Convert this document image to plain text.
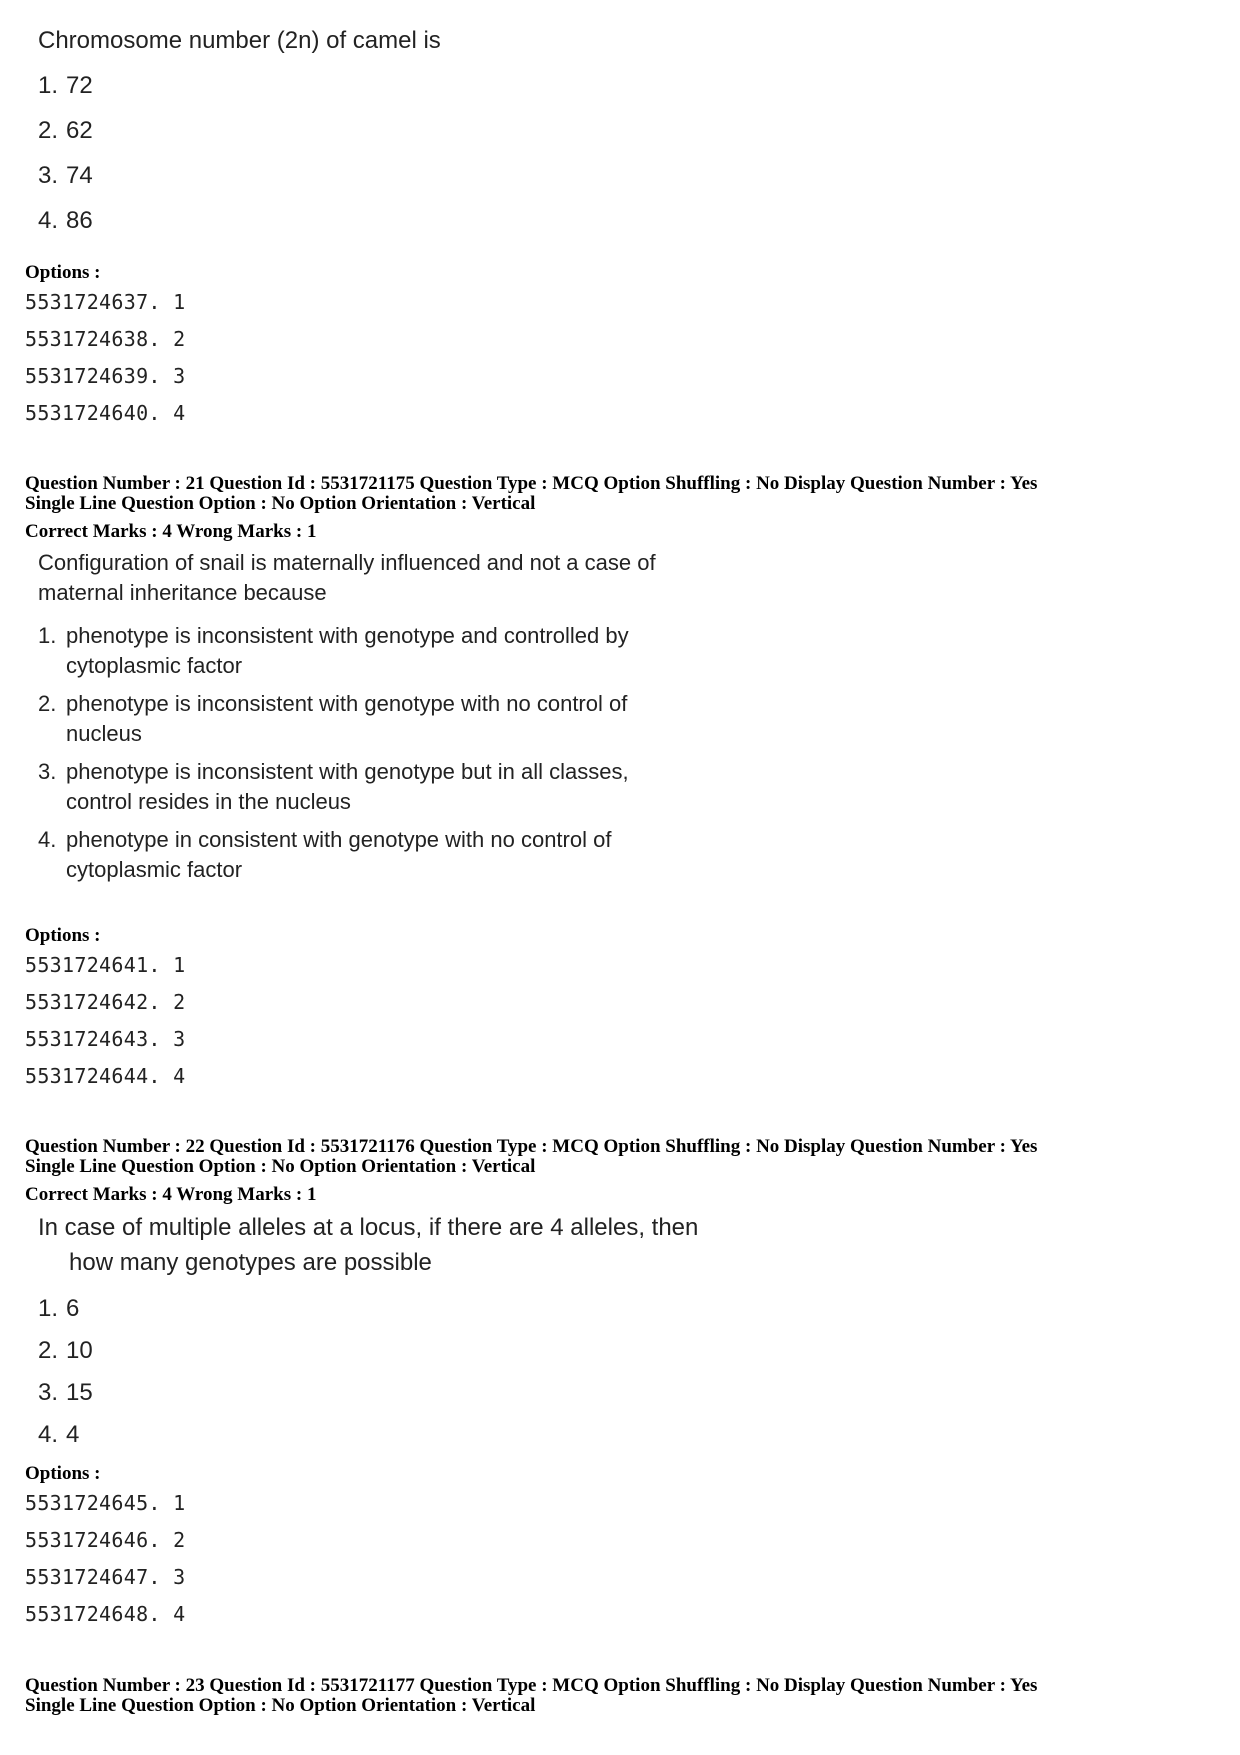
Chromosome number (2n) of camel is

1. 72
2. 62
3. 74
4. 86

Options :

5531724637. 1

5531724638. 2

5531724639. 3

5531724640. 4

Question Number : 21 Question Id : 5531721175 Question Type : MCQ Option Shuffling : No Display Question Number : Yes

Single Line Question Option : No Option Orientation : Vertical

Correct Marks : 4 Wrong Marks : 1

Configuration of snail is maternally influenced and not a case of
maternal inheritance because
1. phenotype is inconsistent with genotype and controlled by
cytoplasmic factor
2. phenotype is inconsistent with genotype with no control of
nucleus
3. phenotype is inconsistent with genotype but in all classes,
control resides in the nucleus
4. phenotype in consistent with genotype with no control of
cytoplasmic factor

Options :

5531724641. 1

5531724642. 2

5531724643. 3

5531724644. 4

Question Number : 22 Question Id : 5531721176 Question Type : MCQ Option Shuffling : No Display Question Number : Yes

Single Line Question Option : No Option Orientation : Vertical

Correct Marks : 4 Wrong Marks : 1

In case of multiple alleles at a locus, if there are 4 alleles, then
how many genotypes are possible
1. 6
2. 10
3. 15
4. 4

Options :

5531724645. 1

5531724646. 2

5531724647. 3

5531724648. 4

Question Number : 23 Question Id : 5531721177 Question Type : MCQ Option Shuffling : No Display Question Number : Yes

Single Line Question Option : No Option Orientation : Vertical
